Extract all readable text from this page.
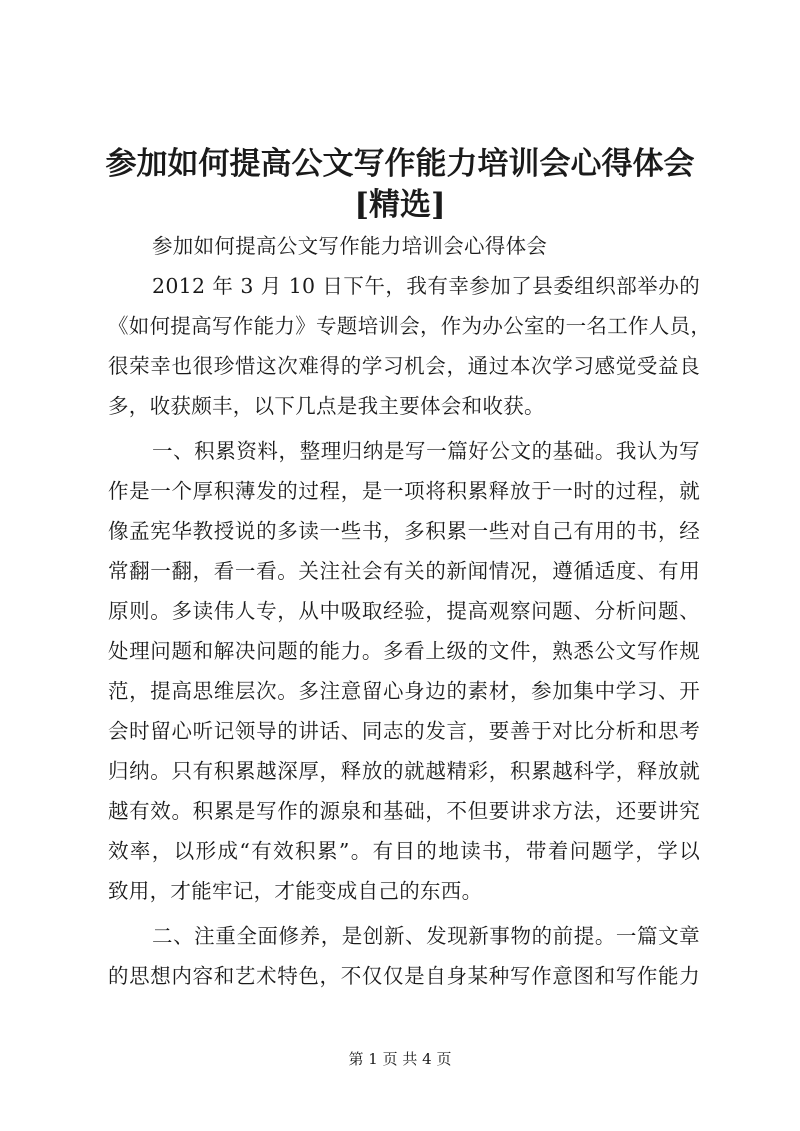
参加如何提高公文写作能力培训会心得体会
[精选]
参加如何提高公文写作能力培训会心得体会
2012 年 3 月 10 日下午，我有幸参加了县委组织部举办的
《如何提高写作能力》专题培训会，作为办公室的一名工作人员，
很荣幸也很珍惜这次难得的学习机会，通过本次学习感觉受益良
多，收获颇丰，以下几点是我主要体会和收获。
一、积累资料，整理归纳是写一篇好公文的基础。我认为写
作是一个厚积薄发的过程，是一项将积累释放于一时的过程，就
像孟宪华教授说的多读一些书，多积累一些对自己有用的书，经
常翻一翻，看一看。关注社会有关的新闻情况，遵循适度、有用
原则。多读伟人专，从中吸取经验，提高观察问题、分析问题、
处理问题和解决问题的能力。多看上级的文件，熟悉公文写作规
范，提高思维层次。多注意留心身边的素材，参加集中学习、开
会时留心听记领导的讲话、同志的发言，要善于对比分析和思考
归纳。只有积累越深厚，释放的就越精彩，积累越科学，释放就
越有效。积累是写作的源泉和基础，不但要讲求方法，还要讲究
效率，以形成“有效积累”。有目的地读书，带着问题学，学以
致用，才能牢记，才能变成自己的东西。
二、注重全面修养，是创新、发现新事物的前提。一篇文章
的思想内容和艺术特色，不仅仅是自身某种写作意图和写作能力
第 1 页 共 4 页
